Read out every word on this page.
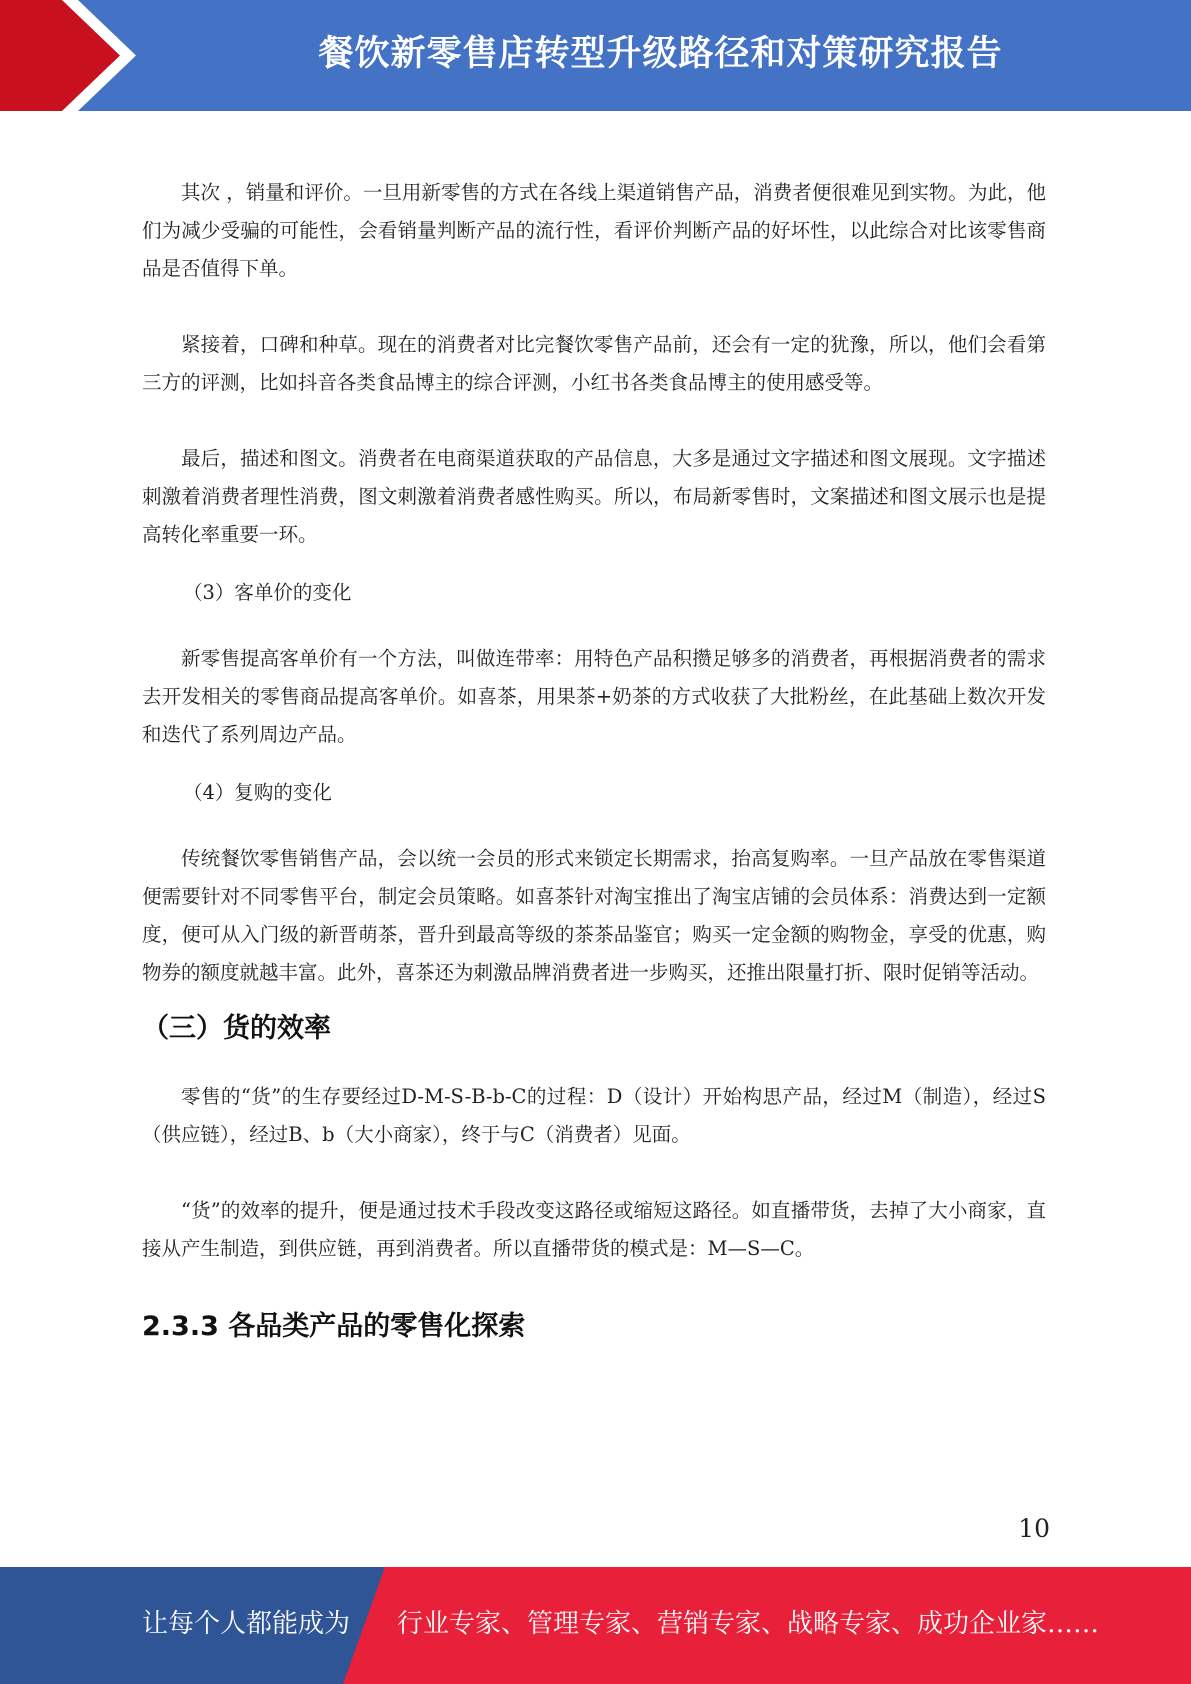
餐饮新零售店转型升级路径和对策研究报告

其次 ，销量和评价。一旦用新零售的方式在各线上渠道销售产品，消费者便很难见到实物。为此，他们为减少受骗的可能性，会看销量判断产品的流行性，看评价判断产品的好坏性，以此综合对比该零售商品是否值得下单。

紧接着，口碑和种草。现在的消费者对比完餐饮零售产品前，还会有一定的犹豫，所以，他们会看第三方的评测，比如抖音各类食品博主的综合评测，小红书各类食品博主的使用感受等。

最后，描述和图文。消费者在电商渠道获取的产品信息，大多是通过文字描述和图文展现。文字描述刺激着消费者理性消费，图文刺激着消费者感性购买。所以，布局新零售时，文案描述和图文展示也是提高转化率重要一环。

（3）客单价的变化

新零售提高客单价有一个方法，叫做连带率：用特色产品积攒足够多的消费者，再根据消费者的需求去开发相关的零售商品提高客单价。如喜茶，用果茶+奶茶的方式收获了大批粉丝，在此基础上数次开发和迭代了系列周边产品。

（4）复购的变化

传统餐饮零售销售产品，会以统一会员的形式来锁定长期需求，抬高复购率。一旦产品放在零售渠道便需要针对不同零售平台，制定会员策略。如喜茶针对淘宝推出了淘宝店铺的会员体系：消费达到一定额度，便可从入门级的新晋萌茶，晋升到最高等级的茶茶品鉴官；购买一定金额的购物金，享受的优惠，购物券的额度就越丰富。此外，喜茶还为刺激品牌消费者进一步购买，还推出限量打折、限时促销等活动。

（三）货的效率

零售的“货”的生存要经过D-M-S-B-b-C的过程：D（设计）开始构思产品，经过M（制造），经过S（供应链），经过B、b（大小商家），终于与C（消费者）见面。

“货”的效率的提升，便是通过技术手段改变这路径或缩短这路径。如直播带货，去掉了大小商家，直接从产生制造，到供应链，再到消费者。所以直播带货的模式是：M—S—C。

2.3.3 各品类产品的零售化探索
10
让每个人都能成为 行业专家、管理专家、营销专家、战略专家、成功企业家……
